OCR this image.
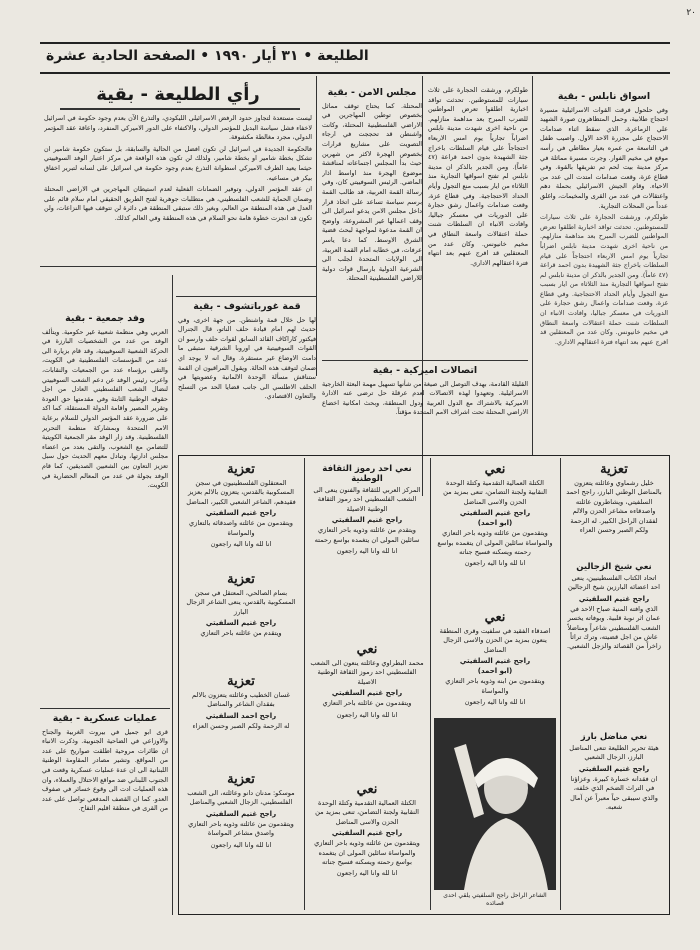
٢٠
الطليعة • ٣١ أيار ١٩٩٠ • الصفحة الحادية عشرة
اسواق نابلس - بقية

وفي حلحول فرقت القوات الاسرائيلية مسيرة احتجاج طلابية، وحمل المتظاهرون صورة الشهيد علي الزماعرة، الذي سقط اثناء صدامات الاحتجاج على مجزرة الاحد الاول. واصيب طفل في التاسعة من عمره بعيار مطاطي في رأسه موقع في مخيم الفوار. وجرت مسيرة مماثلة في مركز مدينة بيت لحم تم تفريقها بالقوة. وفي قطاع غزة، وقعت صدامات امتدت الى عدد من الاحياء. وقام الجيش الاسرائيلي بحملة دهم واعتقالات في عدد من القرى والمخيمات، واغلق عدداً من المحلات التجارية.

طولكرم، ورشقت الحجارة على ثلاث سيارات للمستوطنين. تحدثت تواقد اخبارية اطلقوا تعرض المواطنين للضرب المبرح بعد مداهمة منازلهم. من ناحية اخرى شهدت مدينة نابلس اضراباً تجارياً يوم امس الاربعاء احتجاجاً على قيام السلطات باخراج جثة الشهيدة بدون احمد قراعة (٤٧ عاماً). ومن الجدير بالذكر ان مدينة نابلس لم تفتح اسواقها التجارية منذ الثلاثاء من ايار بسبب منع التجول وأيام الحداد الاحتجاجية. وفي قطاع غزة، وقعت صدامات واعمال رشق حجارة على الدوريات في معسكر جباليا، وافادت الانباء ان السلطات شنت حملة اعتقالات واسعة النطاق في مخيم خانيونس. وكان عدد من المعتقلين قد افرج عنهم بعد انتهاء فترة اعتقالهم الاداري.

طولكرم، ورشقت الحجارة على ثلاث سيارات للمستوطنين. تحدثت تواقد اخبارية اطلقوا تعرض المواطنين للضرب المبرح بعد مداهمة منازلهم. من ناحية اخرى شهدت مدينة نابلس اضراباً تجارياً يوم امس الاربعاء احتجاجاً على قيام السلطات باخراج جثة الشهيدة بدون احمد قراعة (٤٧ عاماً). ومن الجدير بالذكر ان مدينة نابلس لم تفتح اسواقها التجارية منذ الثلاثاء من ايار بسبب منع التجول وأيام الحداد الاحتجاجية. وفي قطاع غزة، وقعت صدامات واعمال رشق حجارة على الدوريات في معسكر جباليا، وافادت الانباء ان السلطات شنت حملة اعتقالات واسعة النطاق في مخيم خانيونس. وكان عدد من المعتقلين قد افرج عنهم بعد انتهاء فترة اعتقالهم الاداري.

اتصالات اميركية - بقية

القليلة القادمة، بهدف التوصل الى صيغة من شأنها تسهيل مهمة البعثة الخارجية الاسرائيلية. وتعهدوا لهذه الاتصالات لعدم عرقلة حل ترضى عنه الادارة الاميركية بالاشتراك مع الدول العربية ودول المنطقة، وبحث امكانية اخضاع الاراضي المحتلة تحت اشراف الامم المتحدة مؤقتاً.

مجلس الامن - بقية

المحتلة. كما يحتاج توقف مماثل بخصوص توطين المهاجرين في الاراضي الفلسطينية المحتلة، وكانت واشنطن قد تحججت في ارجاء التصويت على مشاريع قرارات بخصوص الهجرة لاكثر من شهرين حيث بدأ المجلس اجتماعاته لمناقشة موضوع الهجرة منذ اواسط اذار الماضي. الرئيس السوفييتي كان، وفي رسالة القمة العربية، قد طالب القمة برسم سياسة تساعد على اتخاذ قرار داخل مجلس الامن يدعو اسرائيل الى وقف اعمالها غير المشروعة، واوضح ان القمة مدعوة لمواجهة لبحث قضية الشرق الاوسط. كما دعا ياسر عرفات، في خطابه امام القمة العربية، الى الولايات المتحدة لجلب الى الشرعية الدولية بارسال قوات دولية للاراضي الفلسطينية المحتلة.

رأي الطليعة - بقية

ليست مستعدة لتجاوز حدود الرفض الاسرائيلي الليكودي، والتذرع الآن بعدم وجود حكومة في اسرائيل لاخفاء فشل سياسة البديل للمؤتمر الدولي، والاكتفاء على الدور الاميركي المنفرد، واعاقة عقد المؤتمر الدولي، مجرد مغالطة مكشوفة.

فالحكومة الجديدة في اسرائيل لن تكون افضل من الحالية والسابقة، بل ستكون حكومة شامير ان تشكل بخطة شامير او بخطة شامير، ولذلك لن تكون هذه الواقعة في مركز اعتبار الوفد السوفييتي حيثما يعيد الطرف الاميركي اسطوانة التذرع بعدم وجود حكومة في اسرائيل على لسانه لتبرير اخفاق بيكر في مساعيه.

ان عقد المؤتمر الدولي، وتوفير الضمانات الفعلية لعدم استيطان المهاجرين في الاراضي المحتلة وضمان الحماية للشعب الفلسطيني، هي متطلبات جوهرية لفتح الطريق الحقيقي امام سلام قائم على العدل في هذه المنطقة من العالم، وبغير ذلك ستبقى المنطقة في دائرة لن تتوقف فيها النزاعات، ولن تكون قد انجزت خطوة هامة نحو السلام في هذه المنطقة وفي العالم كذلك.

قمة غورباتشوف - بقية

لها حل خلال قمة واشنطن. من جهة اخرى، وفي حديث لهم امام قيادة حلف الناتو، قال الجنرال فيكتور كاراكاف القائد السابق لقوات حلف وارسو ان القوات السوفييتية في اوروبا الشرقية ستبقى ما دامت الاوضاع غير مستقرة. وقال انه لا يوجد اي ضمان لتوقف هذه الحالة. ويقول المراقبون ان القمة ستناقش مسألة الوحدة الالمانية وعضويتها في الحلف الاطلسي الى جانب قضايا الحد من التسلح والتعاون الاقتصادي.

وفد جمعية - بقية

العربي وهي منظمة شعبية غير حكومية. ويتألف الوفد من عدد من الشخصيات البارزة في الحركة الشعبية السوفييتية، وقد قام بزيارة الى عدد من المؤسسات الفلسطينية في الكويت، والتقى برؤساء عدد من الجمعيات والنقابات، واعرب رئيس الوفد عن دعم الشعب السوفييتي لنضال الشعب الفلسطيني العادل من اجل حقوقه الوطنية الثابتة وفي مقدمتها حق العودة وتقرير المصير واقامة الدولة المستقلة، كما اكد على ضرورة عقد المؤتمر الدولي للسلام برعاية الامم المتحدة وبمشاركة منظمة التحرير الفلسطينية. وقد زار الوفد مقر الجمعية الكويتية للتضامن مع الشعوب، والتقى بعدد من اعضاء مجلس ادارتها، وتبادل معهم الحديث حول سبل تعزيز التعاون بين الشعبين الصديقين، كما قام الوفد بجولة في عدد من المعالم الحضارية في الكويت.

عمليات عسكرية - بقية

قرى ابو جميل في بيروت الغربية والجناح والاوزاعي في الضاحية الجنوبية. وذكرت الانباء ان طائرات مروحية اطلقت صواريخ على عدد من المواقع. وتشير مصادر المقاومة الوطنية اللبنانية الى ان عدة عمليات عسكرية وقعت في الجنوب اللبناني ضد مواقع الاحتلال والعملاء، وان هذه العمليات ادت الى وقوع خسائر في صفوف العدو. كما ان القصف المدفعي تواصل على عدد من القرى في منطقة اقليم التفاح.

تعزية
خليل رشماوي وعائلته يتعزون بالمناضل الوطني البارز، راجح احمد السلفيتي، ويشاطرون عائلته واصدقاءه مشاعر الحزن والالم لفقدان الراحل الكبير. له الرحمة ولكم الصبر وحسن العزاء
نعي شيخ الزجالين
اتحاد الكتاب الفلسطينيين، ينعى احد اعضائه البارزين شيخ الزجالين
راجح غنيم السلفيتي
الذي وافته المنية صباح الاحد في عمان اثر نوبة قلبية. وبوفاته يخسر الشعب الفلسطيني شاعراً ومناضلاً عاش من اجل قضيته، وترك تراثاً زاخراً من القصائد والزجل الشعبي.
نعي مناضل بارز
هيئة تحرير الطليعة تنعى المناضل البارز، الزجال الشعبي
راجح غنيم السلفيتي
ان فقدانه خسارة كبيرة. وعزاؤنا في التراث الضخم الذي خلفه، والذي سيبقى حياً معبراً عن آمال شعبه.
نعي
الكتلة العمالية التقدمية وكتلة الوحدة النقابية ولجنة التضامن، تنعى بمزيد من الحزن والاسى المناضل
راجح غنيم السلفيتي
(ابو احمد)
ويتقدمون من عائلته وذويه باحر التعازي والمواساة سائلين المولى ان يتغمده بواسع رحمته ويسكنه فسيح جناته
انا لله وانا اليه راجعون
نعي
اصدقاء الفقيد في سلفيت وقرى المنطقة ينعون بمزيد من الحزن والاسى الزجال المناضل
راجح غنيم السلفيتي
(ابو احمد)
ويتقدمون من ابنه وذويه باحر التعازي والمواساة
انا لله وانا اليه راجعون
الشاعر الراحل راجح السلفيتي يلقي احدى قصائده
نعي احد رموز الثقافة الوطنية
المركز العربي للثقافة والفنون ينعى الى الشعب الفلسطيني احد رموز الثقافة الوطنية الاصيلة
راجح غنيم السلفيتي
ويتقدم من عائلته وذويه باحر التعازي سائلين المولى ان يتغمده بواسع رحمته
انا لله وانا اليه راجعون
نعي
محمد البطراوي وعائلته ينعون الى الشعب الفلسطيني احد رموز الثقافة الوطنية الاصيلة
راجح غنيم السلفيتي
ويتقدمون من عائلته باحر التعازي
انا لله وانا اليه راجعون
نعي
الكتلة العمالية التقدمية وكتلة الوحدة النقابية ولجنة التضامن، تنعى بمزيد من الحزن والاسى المناضل
راجح غنيم السلفيتي
ويتقدمون من عائلته وذويه باحر التعازي والمواساة سائلين المولى ان يتغمده بواسع رحمته ويسكنه فسيح جناته
انا لله وانا اليه راجعون
تعزية
المعتقلون الفلسطينيون في سجن المسكوبية بالقدس، يتعزون بالالم بعزيز فقيدهم، الشاعر الشعبي الكبير، المناضل
راجح غنيم السلفيتي
ويتقدمون من عائلته واصدقائه بالتعازي والمواساة
انا لله وانا اليه راجعون
تعزية
بسام الصالحي، المعتقل في سجن المسكوبية بالقدس، ينعى الشاعر الزجال البارز
راجح غنيم السلفيتي
ويتقدم من عائلته باحر التعازي
تعزية
غسان الخطيب وعائلته يتعزون بالالم بفقدان الشاعر والمناضل
راجح احمد السلفيتي
له الرحمة ولكم الصبر وحسن العزاء
تعزية
موسكو: مدنان دانو وعائلته، الى الشعب الفلسطيني، الزجال الشعبي والمناضل
راجح غنيم السلفيتي
ويتقدمون من عائلته وذويه باحر التعازي واصدق مشاعر المواساة
انا لله وانا اليه راجعون
